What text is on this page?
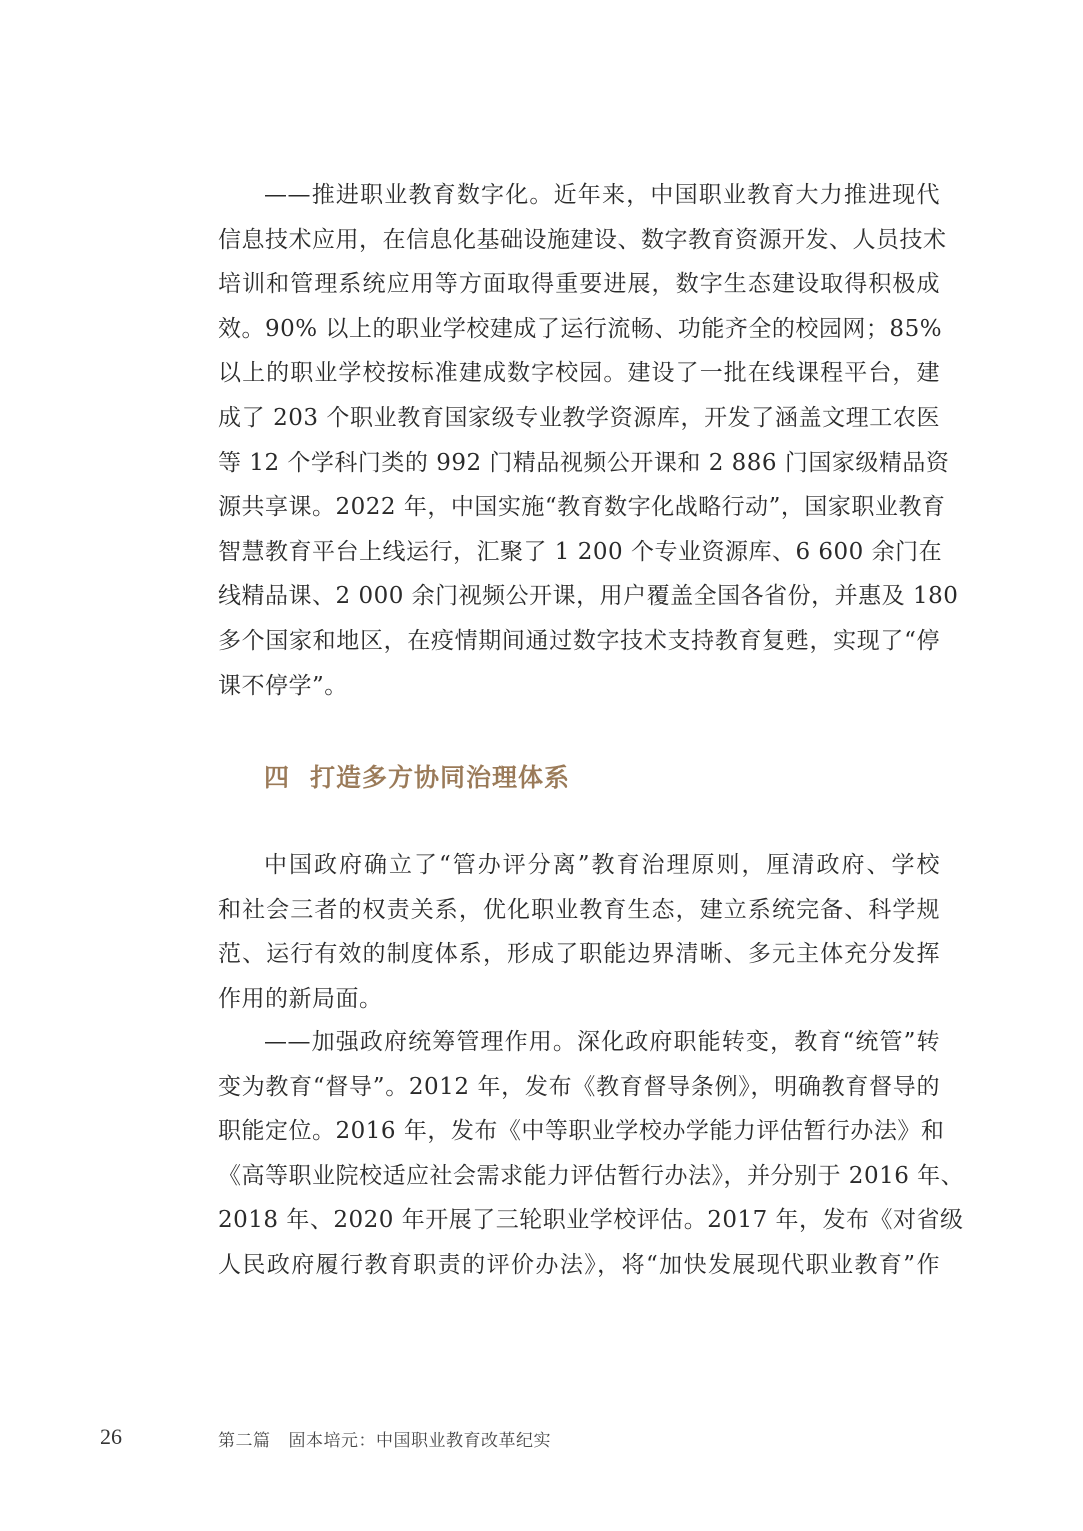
——推进职业教育数字化。近年来，中国职业教育大力推进现代
信息技术应用，在信息化基础设施建设、数字教育资源开发、人员技术
培训和管理系统应用等方面取得重要进展，数字生态建设取得积极成
效。90% 以上的职业学校建成了运行流畅、功能齐全的校园网；85%
以上的职业学校按标准建成数字校园。建设了一批在线课程平台，建
成了 203 个职业教育国家级专业教学资源库，开发了涵盖文理工农医
等 12 个学科门类的 992 门精品视频公开课和 2 886 门国家级精品资
源共享课。2022 年，中国实施“教育数字化战略行动”，国家职业教育
智慧教育平台上线运行，汇聚了 1 200 个专业资源库、6 600 余门在
线精品课、2 000 余门视频公开课，用户覆盖全国各省份，并惠及 180
多个国家和地区，在疫情期间通过数字技术支持教育复甦，实现了“停
课不停学”。
四 打造多方协同治理体系
中国政府确立了“管办评分离”教育治理原则，厘清政府、学校
和社会三者的权责关系，优化职业教育生态，建立系统完备、科学规
范、运行有效的制度体系，形成了职能边界清晰、多元主体充分发挥
作用的新局面。
——加强政府统筹管理作用。深化政府职能转变，教育“统管”转
变为教育“督导”。2012 年，发布《教育督导条例》，明确教育督导的
职能定位。2016 年，发布《中等职业学校办学能力评估暂行办法》和
《高等职业院校适应社会需求能力评估暂行办法》，并分别于 2016 年、
2018 年、2020 年开展了三轮职业学校评估。2017 年，发布《对省级
人民政府履行教育职责的评价办法》，将“加快发展现代职业教育”作
26	第二篇 固本培元：中国职业教育改革纪实
